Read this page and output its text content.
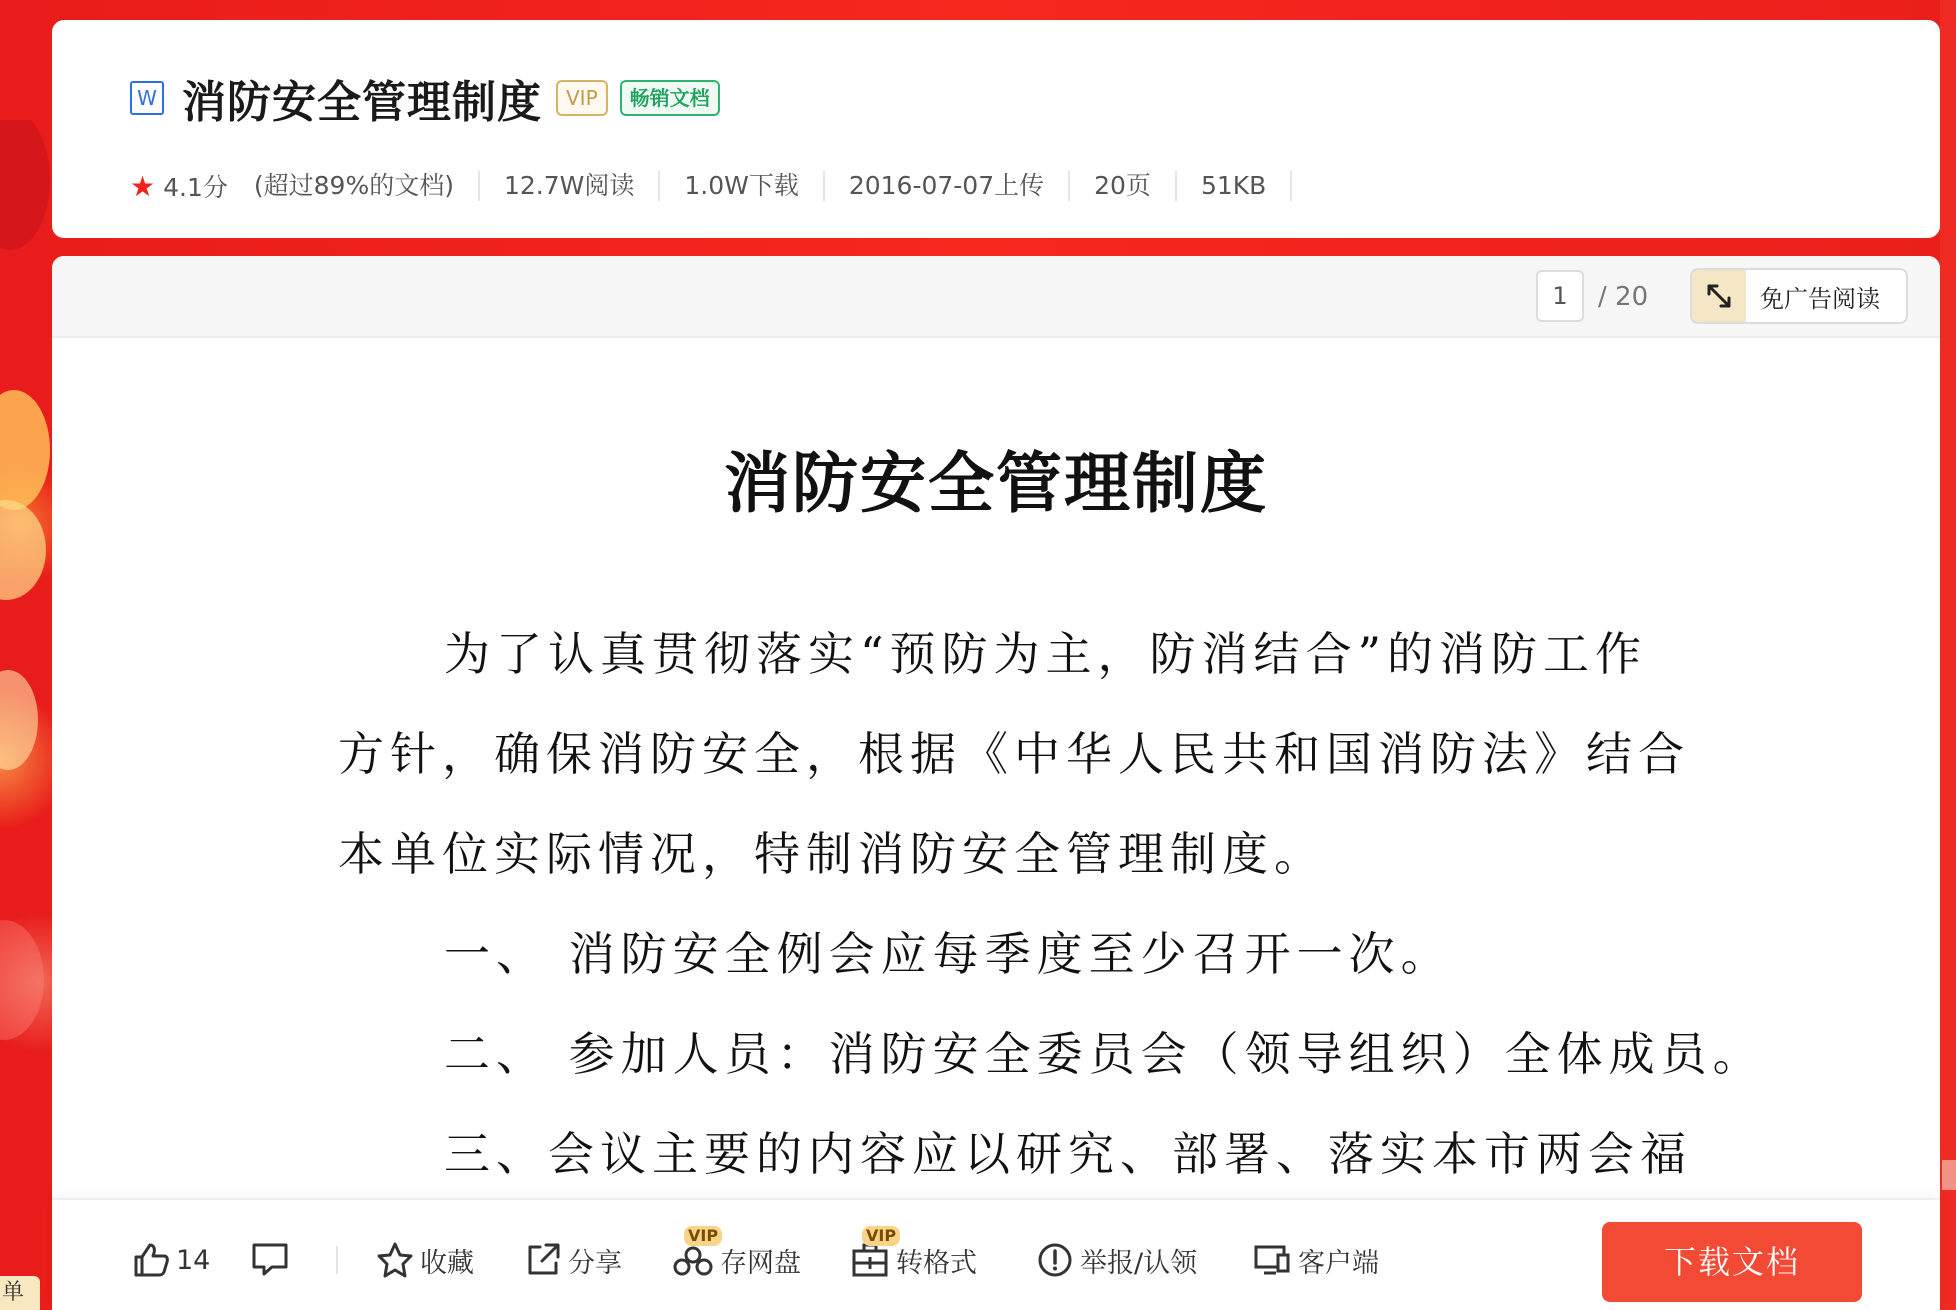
单
W 消防安全管理制度	VIP	畅销文档
★ 4.1分 (超过89%的文档)	12.7W阅读	1.0W下载	2016-07-07上传	20页	51KB
1	/ 20	免广告阅读
消防安全管理制度
为了认真贯彻落实“预防为主，防消结合”的消防工作
方针，确保消防安全，根据《中华人民共和国消防法》结合
本单位实际情况，特制消防安全管理制度。
一、 消防安全例会应每季度至少召开一次。
二、 参加人员：消防安全委员会（领导组织）全体成员。
三、会议主要的内容应以研究、部署、落实本市两会福
14	收藏	分享
VIP
存网盘
VIP
转格式	举报/认领	客户端	下载文档
